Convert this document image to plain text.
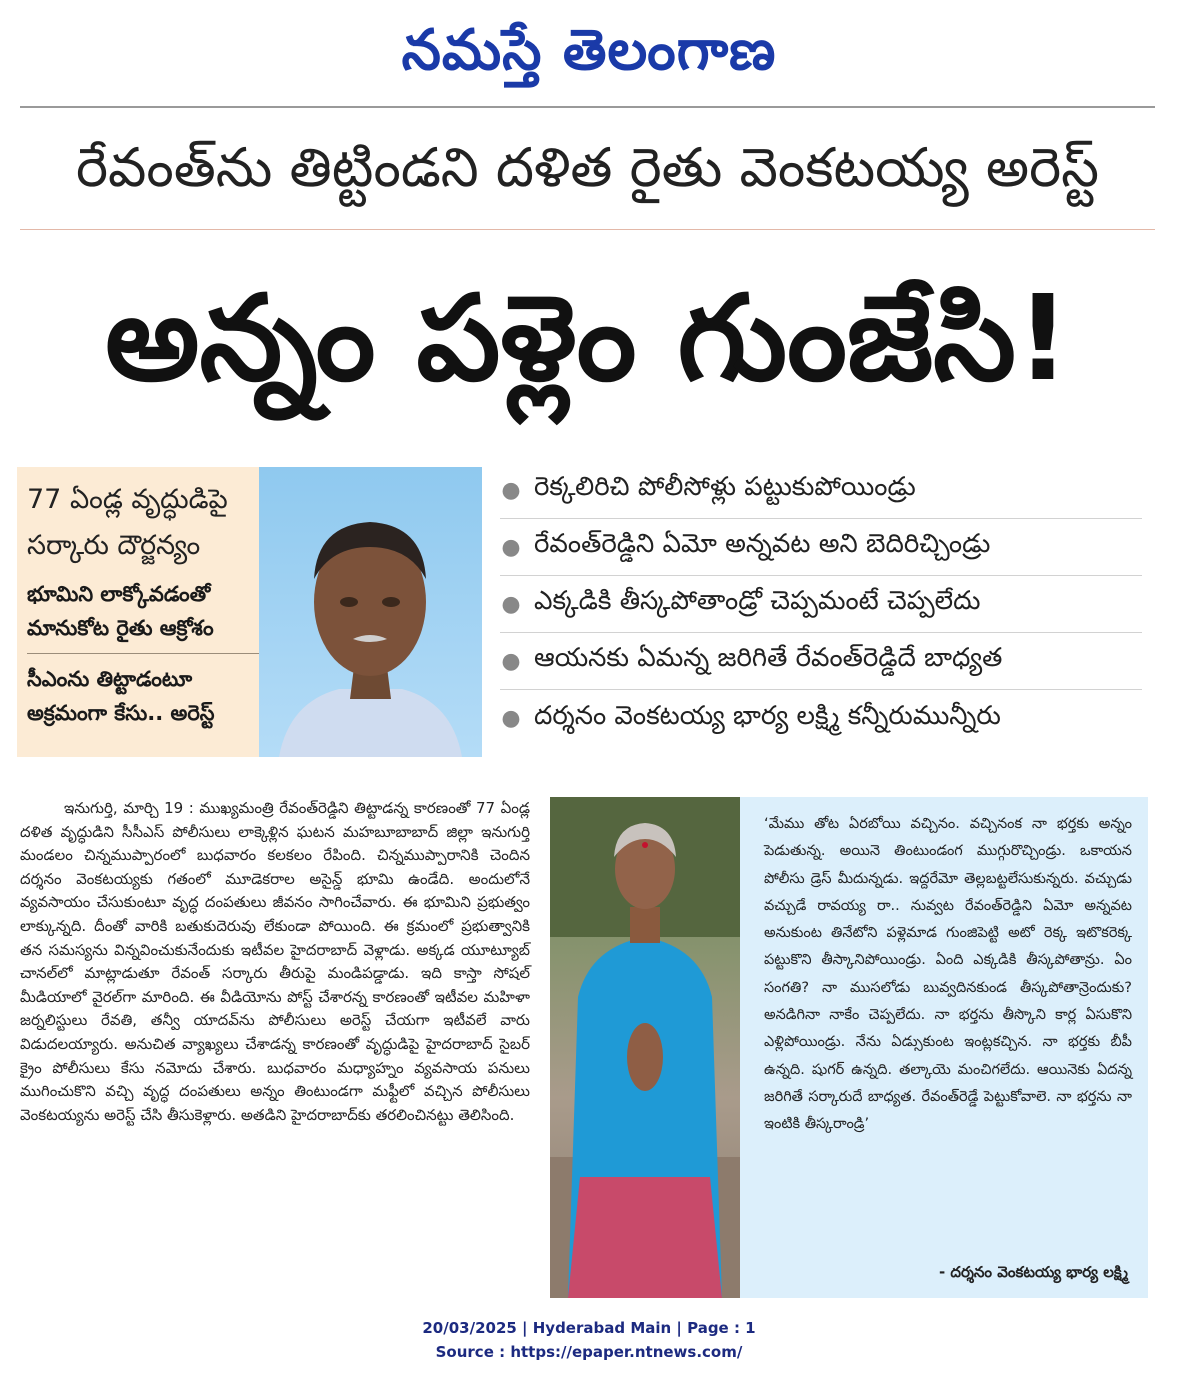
నమస్తే తెలంగాణ
రేవంత్‌ను తిట్టిండని దళిత రైతు వెంకటయ్య అరెస్ట్
అన్నం పళ్లెం గుంజేసి!
77 ఏండ్ల వృద్ధుడిపై
సర్కారు దౌర్జన్యం
భూమిని లాక్కోవడంతో
మానుకోట రైతు ఆక్రోశం
సీఎంను తిట్టాడంటూ
అక్రమంగా కేసు.. అరెస్ట్
● రెక్కలిరిచి పోలీసోళ్లు పట్టుకుపోయిండ్రు
● రేవంత్‌రెడ్డిని ఏమో అన్నవట అని బెదిరిచ్చిండ్రు
● ఎక్కడికి తీస్కపోతాండ్రో చెప్పమంటే చెప్పలేదు
● ఆయనకు ఏమన్న జరిగితే రేవంత్‌రెడ్డిదే బాధ్యత
● దర్శనం వెంకటయ్య భార్య లక్ష్మి కన్నీరుమున్నీరు

ఇనుగుర్తి, మార్చి 19 : ముఖ్యమంత్రి రేవంత్‌రెడ్డిని తిట్టాడన్న కారణంతో 77 ఏండ్ల దళిత వృద్ధుడిని సీసీఎస్ పోలీసులు లాక్కెళ్లిన ఘటన మహబూబాబాద్ జిల్లా ఇనుగుర్తి మండలం చిన్నముప్పారంలో బుధవారం కలకలం రేపింది. చిన్నముప్పారానికి చెందిన దర్శనం వెంకటయ్యకు గతంలో మూడెకరాల అసైన్డ్ భూమి ఉండేది. అందులోనే వ్యవసాయం చేసుకుంటూ వృద్ధ దంపతులు జీవనం సాగించేవారు. ఈ భూమిని ప్రభుత్వం లాక్కున్నది. దీంతో వారికి బతుకుదెరువు లేకుండా పోయింది. ఈ క్రమంలో ప్రభుత్వానికి తన సమస్యను విన్నవించుకునేందుకు ఇటీవల హైదరాబాద్ వెళ్లాడు. అక్కడ యూట్యూబ్ చానల్‌లో మాట్లాడుతూ రేవంత్ సర్కారు తీరుపై మండిపడ్డాడు. ఇది కాస్తా సోషల్ మీడియాలో వైరల్‌గా మారింది. ఈ వీడియోను పోస్ట్ చేశారన్న కారణంతో ఇటీవల మహిళా జర్నలిస్టులు రేవతి, తన్వీ యాదవ్‌ను పోలీసులు అరెస్ట్ చేయగా ఇటీవలే వారు విడుదలయ్యారు. అనుచిత వ్యాఖ్యలు చేశాడన్న కారణంతో వృద్ధుడిపై హైదరాబాద్ సైబర్ క్రైం పోలీసులు కేసు నమోదు చేశారు. బుధవారం మధ్యాహ్నం వ్యవసాయ పనులు ముగించుకొని వచ్చి వృద్ధ దంపతులు అన్నం తింటుండగా మఫ్టీలో వచ్చిన పోలీసులు వెంకటయ్యను అరెస్ట్ చేసి తీసుకెళ్లారు. అతడిని హైదరాబాద్‌కు తరలించినట్టు తెలిసింది.

‘మేము తోట ఏరబోయి వచ్చినం. వచ్చినంక నా భర్తకు అన్నం పెడుతున్న. అయినె తింటుండంగ ముగ్గురొచ్చిండ్రు. ఒకాయన పోలీసు డ్రెస్ మీదున్నడు. ఇద్దరేమో తెల్లబట్టలేసుకున్నరు. వచ్చుడు వచ్చుడే రావయ్య రా.. నువ్వట రేవంత్‌రెడ్డిని ఏమో అన్నవట అనుకుంట తినేటోని పళ్లెమాడ గుంజిపెట్టి అటో రెక్క ఇటొకరెక్క పట్టుకొని తీస్కానిపోయిండ్రు. ఏంది ఎక్కడికి తీస్కపోతాన్రు. ఏం సంగతి? నా ముసలోడు బువ్వదినకుండ తీస్కపోతాన్రెందుకు? అనడిగినా నాకేం చెప్పలేదు. నా భర్తను తీస్కొని కార్ల ఏసుకొని ఎళ్లిపోయిండ్రు. నేను ఏడ్సుకుంట ఇంట్లకచ్చిన. నా భర్తకు బీపీ ఉన్నది. షుగర్ ఉన్నది. తల్కాయె మంచిగలేదు. ఆయినెకు ఏదన్న జరిగితే సర్కారుదే బాధ్యత. రేవంత్‌రెడ్డే పెట్టుకోవాలె. నా భర్తను నా ఇంటికి తీస్కరాండ్రి’
- దర్శనం వెంకటయ్య భార్య లక్ష్మి
20/03/2025 | Hyderabad Main | Page : 1
Source : https://epaper.ntnews.com/
